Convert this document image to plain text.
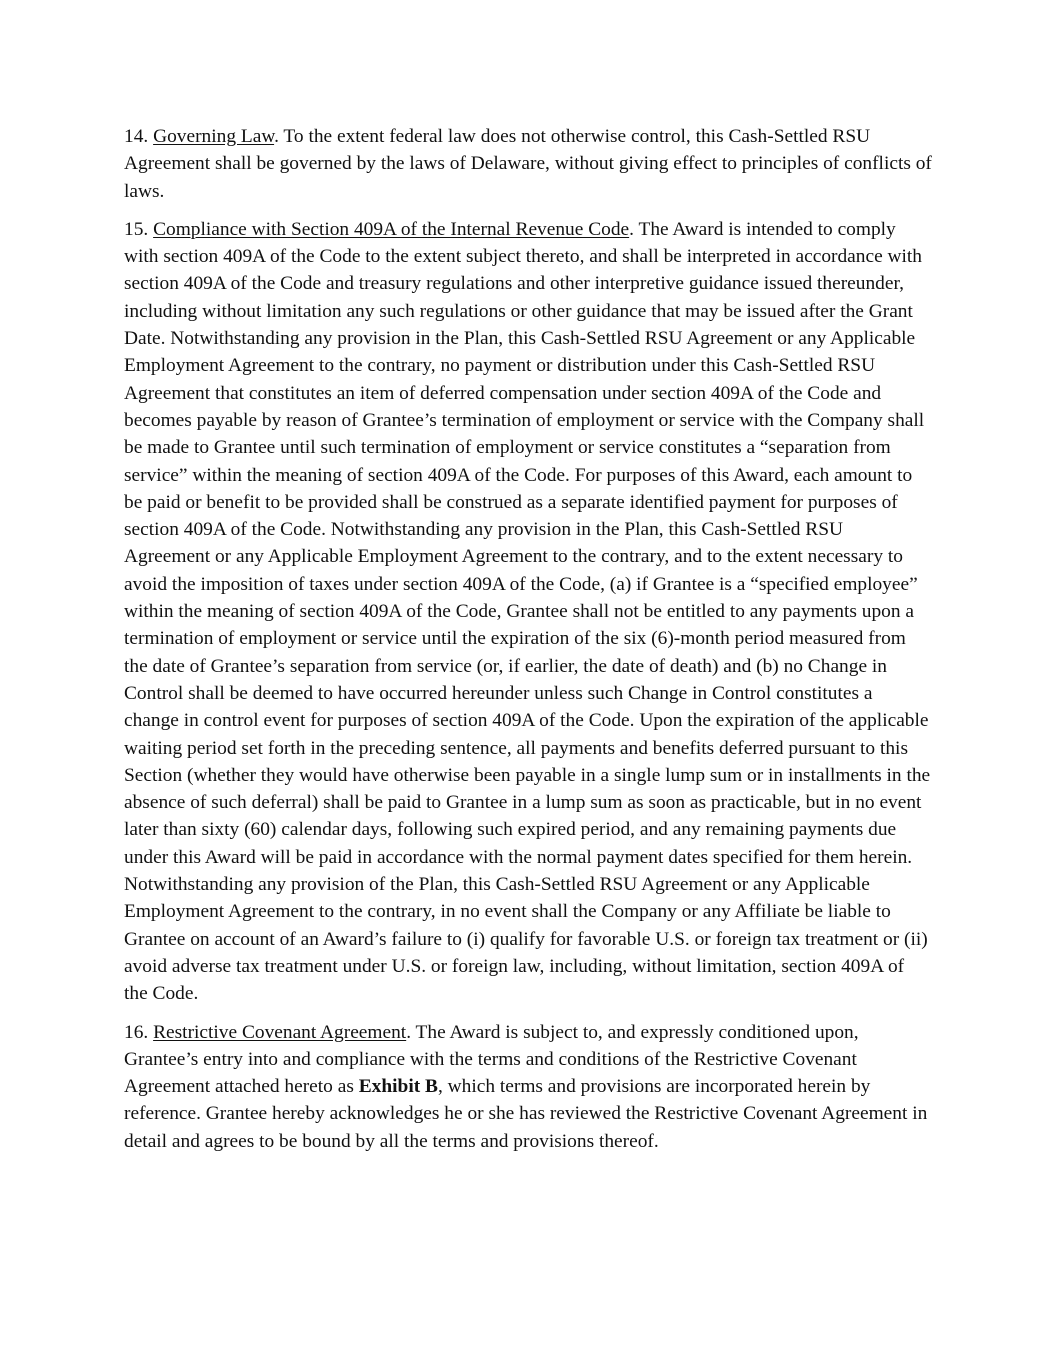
14. Governing Law. To the extent federal law does not otherwise control, this Cash-Settled RSU Agreement shall be governed by the laws of Delaware, without giving effect to principles of conflicts of laws.

15. Compliance with Section 409A of the Internal Revenue Code. The Award is intended to comply with section 409A of the Code to the extent subject thereto, and shall be interpreted in accordance with section 409A of the Code and treasury regulations and other interpretive guidance issued thereunder, including without limitation any such regulations or other guidance that may be issued after the Grant Date. Notwithstanding any provision in the Plan, this Cash-Settled RSU Agreement or any Applicable Employment Agreement to the contrary, no payment or distribution under this Cash-Settled RSU Agreement that constitutes an item of deferred compensation under section 409A of the Code and becomes payable by reason of Grantee’s termination of employment or service with the Company shall be made to Grantee until such termination of employment or service constitutes a “separation from service” within the meaning of section 409A of the Code. For purposes of this Award, each amount to be paid or benefit to be provided shall be construed as a separate identified payment for purposes of section 409A of the Code. Notwithstanding any provision in the Plan, this Cash-Settled RSU Agreement or any Applicable Employment Agreement to the contrary, and to the extent necessary to avoid the imposition of taxes under section 409A of the Code, (a) if Grantee is a “specified employee” within the meaning of section 409A of the Code, Grantee shall not be entitled to any payments upon a termination of employment or service until the expiration of the six (6)-month period measured from the date of Grantee’s separation from service (or, if earlier, the date of death) and (b) no Change in Control shall be deemed to have occurred hereunder unless such Change in Control constitutes a change in control event for purposes of section 409A of the Code. Upon the expiration of the applicable waiting period set forth in the preceding sentence, all payments and benefits deferred pursuant to this Section (whether they would have otherwise been payable in a single lump sum or in installments in the absence of such deferral) shall be paid to Grantee in a lump sum as soon as practicable, but in no event later than sixty (60) calendar days, following such expired period, and any remaining payments due under this Award will be paid in accordance with the normal payment dates specified for them herein. Notwithstanding any provision of the Plan, this Cash-Settled RSU Agreement or any Applicable Employment Agreement to the contrary, in no event shall the Company or any Affiliate be liable to Grantee on account of an Award’s failure to (i) qualify for favorable U.S. or foreign tax treatment or (ii) avoid adverse tax treatment under U.S. or foreign law, including, without limitation, section 409A of the Code.

16. Restrictive Covenant Agreement. The Award is subject to, and expressly conditioned upon, Grantee’s entry into and compliance with the terms and conditions of the Restrictive Covenant Agreement attached hereto as Exhibit B, which terms and provisions are incorporated herein by reference. Grantee hereby acknowledges he or she has reviewed the Restrictive Covenant Agreement in detail and agrees to be bound by all the terms and provisions thereof.
